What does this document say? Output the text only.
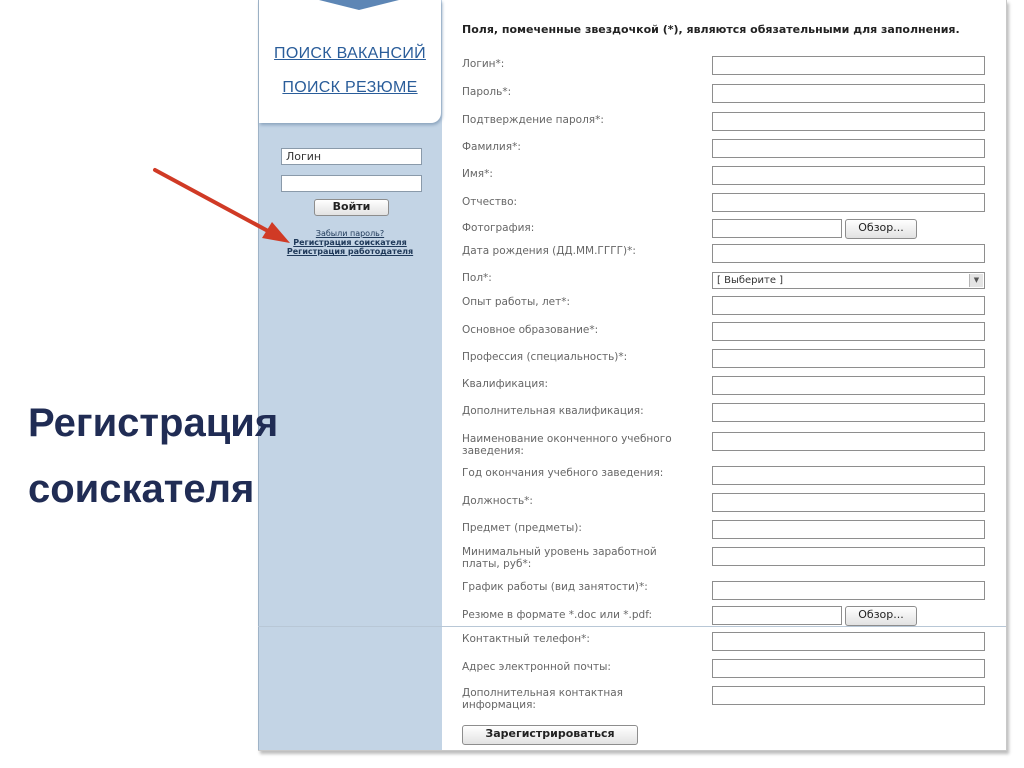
ПОИСК ВАКАНСИЙ
ПОИСК РЕЗЮМЕ
Логин
Войти
Забыли пароль?
Регистрация соискателя
Регистрация работодателя
Поля, помеченные звездочкой (*), являются обязательными для заполнения.
Логин*:
Пароль*:
Подтверждение пароля*:
Фамилия*:
Имя*:
Отчество:
Фотография:	Обзор...
Дата рождения (ДД.ММ.ГГГГ)*:
Пол*:	[ Выберите ]	▼
Опыт работы, лет*:
Основное образование*:
Профессия (специальность)*:
Квалификация:
Дополнительная квалификация:
Наименование оконченного учебного заведения:
Год окончания учебного заведения:
Должность*:
Предмет (предметы):
Минимальный уровень заработной платы, руб*:
График работы (вид занятости)*:
Резюме в формате *.doc или *.pdf:	Обзор...
Контактный телефон*:
Адрес электронной почты:
Дополнительная контактная информация:
Зарегистрироваться
Регистрация
соискателя
